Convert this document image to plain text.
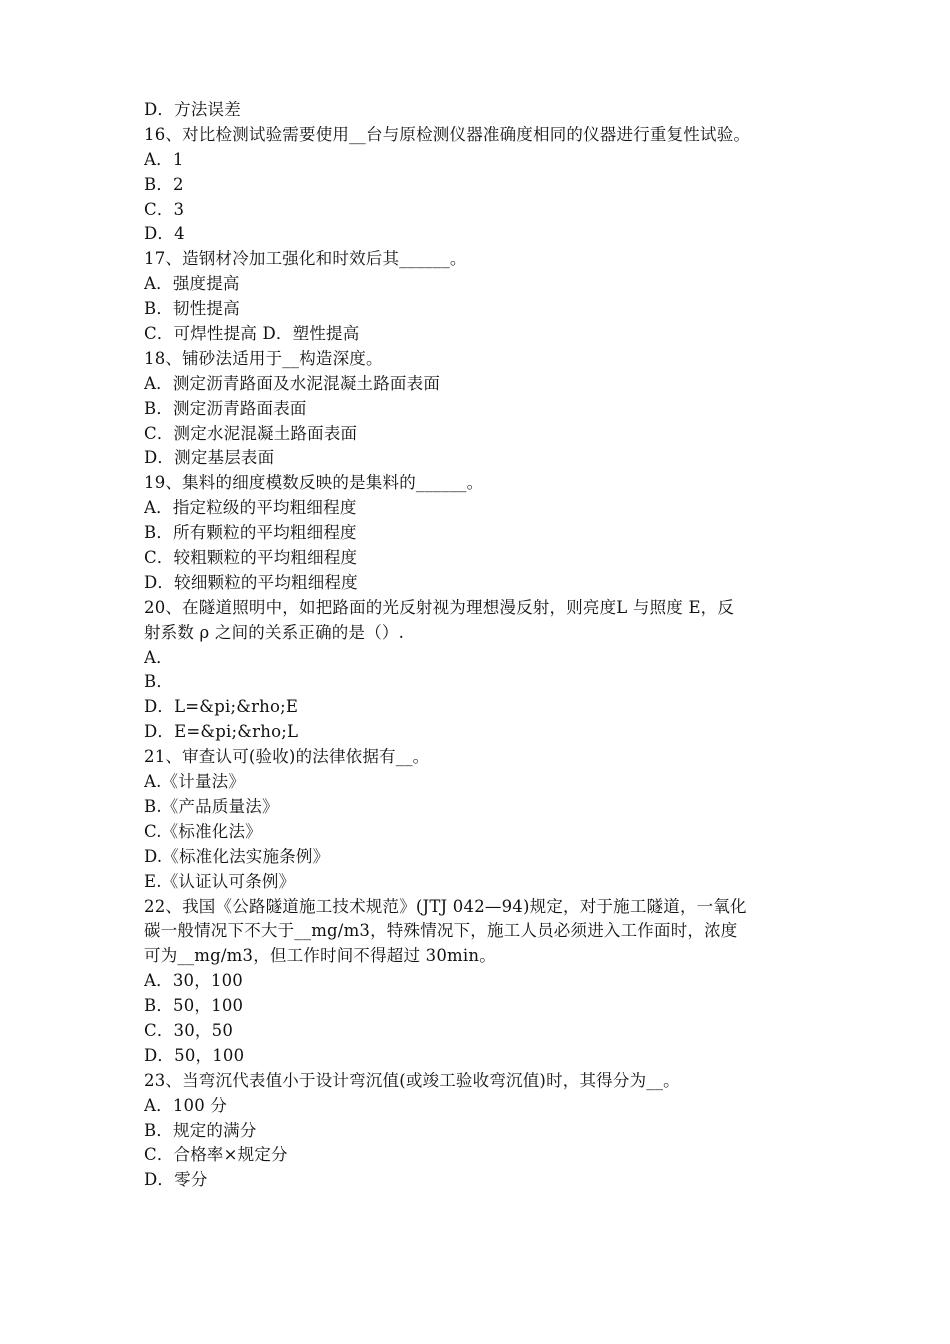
D．方法误差
16、对比检测试验需要使用__台与原检测仪器准确度相同的仪器进行重复性试验。
A．1
B．2
C．3
D．4
17、造钢材冷加工强化和时效后其______。
A．强度提高
B．韧性提高
C．可焊性提高 D．塑性提高
18、铺砂法适用于__构造深度。
A．测定沥青路面及水泥混凝土路面表面
B．测定沥青路面表面
C．测定水泥混凝土路面表面
D．测定基层表面
19、集料的细度模数反映的是集料的______。
A．指定粒级的平均粗细程度
B．所有颗粒的平均粗细程度
C．较粗颗粒的平均粗细程度
D．较细颗粒的平均粗细程度
20、在隧道照明中，如把路面的光反射视为理想漫反射，则亮度L 与照度 E，反
射系数 ρ 之间的关系正确的是（）.
A．
B．
D．L=&pi;&rho;E
D．E=&pi;&rho;L
21、审查认可(验收)的法律依据有__。
A.《计量法》
B.《产品质量法》
C.《标准化法》
D.《标准化法实施条例》
E.《认证认可条例》
22、我国《公路隧道施工技术规范》(JTJ 042—94)规定，对于施工隧道，一氧化
碳一般情况下不大于__mg/m3，特殊情况下，施工人员必须进入工作面时，浓度
可为__mg/m3，但工作时间不得超过 30min。
A．30，100
B．50，100
C．30，50
D．50，100
23、当弯沉代表值小于设计弯沉值(或竣工验收弯沉值)时，其得分为__。
A．100 分
B．规定的满分
C．合格率×规定分
D．零分
